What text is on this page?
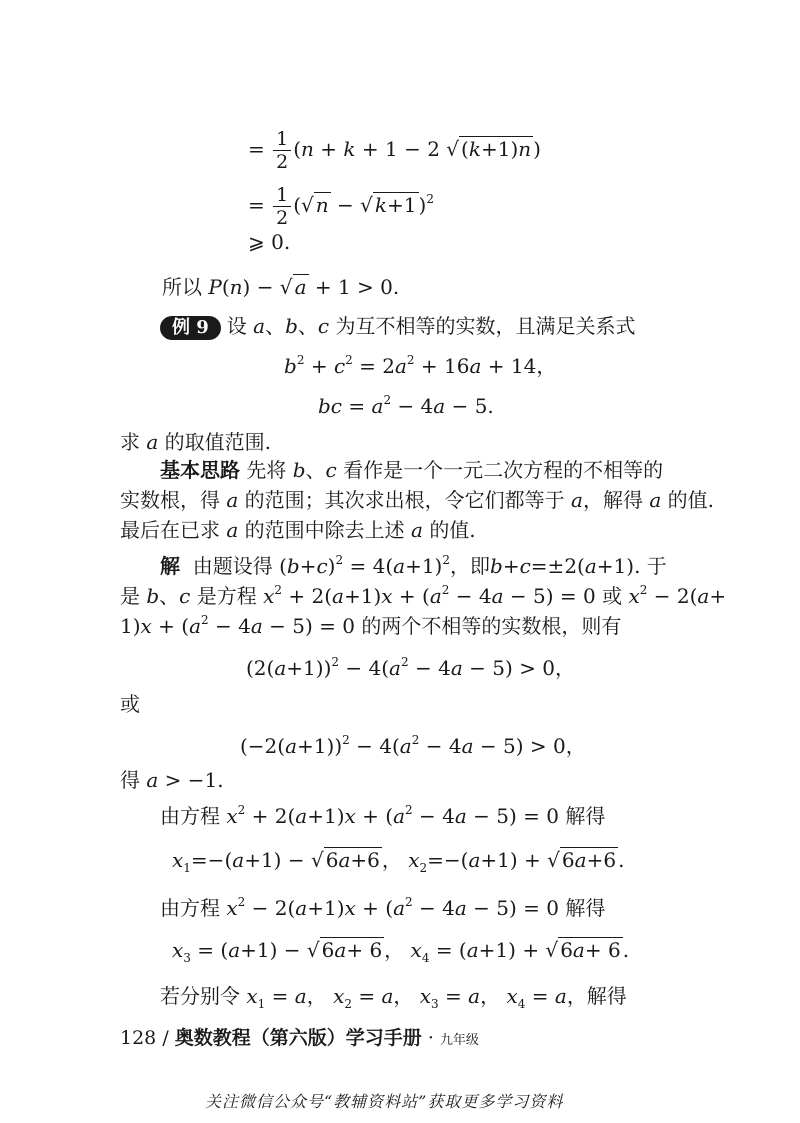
= $\frac{1}{2} (n + k + 1 - 2$ √ (k+1)n )
= $\frac{1}{2}$ (√ n − √ k+1 )$^2$
⩾ 0.
所以 P(n) − √ a + 1 > 0.
例 9 设 a、b、c 为互不相等的实数，且满足关系式
$b^2 + c^2 = 2a^2 + 16a + 14$，
bc = $a^2 - 4a - 5$.
求 a 的取值范围.
基本思路 先将 b、c 看作是一个一元二次方程的不相等的
实数根，得 a 的范围；其次求出根，令它们都等于 a，解得 a 的值.
最后在已求 a 的范围中除去上述 a 的值.
解 由题设得 $(b+c)^2 = 4(a+1)^2$，即b+c=±2(a+1). 于
是 b、c 是方程 $x^2 + 2(a+1)x + (a^2 - 4a - 5) = 0$ 或 $x^2 - 2(a+$
$1)x + (a^2 - 4a - 5) = 0$ 的两个不相等的实数根，则有
$(2(a+1))^2 - 4(a^2 - 4a - 5) > 0$，
或
$(-2(a+1))^2 - 4(a^2 - 4a - 5) > 0$，
得 a > −1.
由方程 $x^2 + 2(a+1)x + (a^2 - 4a - 5) = 0$ 解得
$x_1=-(a+1)$ − √ 6a+6 ， $x_2=-(a+1)$ + √ 6a+6 .
由方程 $x^2 - 2(a+1)x + (a^2 - 4a - 5) = 0$ 解得
$x_3 = (a+1)$ − √ 6a+ 6 ， $x_4 = (a+1)$ + √ 6a+ 6 .
若分别令 $x_1 = a$， $x_2 = a$， $x_3 = a$， $x_4 = a$，解得
128 / 奥数教程（第六版）学习手册 · 九年级
关注微信公众号“教辅资料站”获取更多学习资料
